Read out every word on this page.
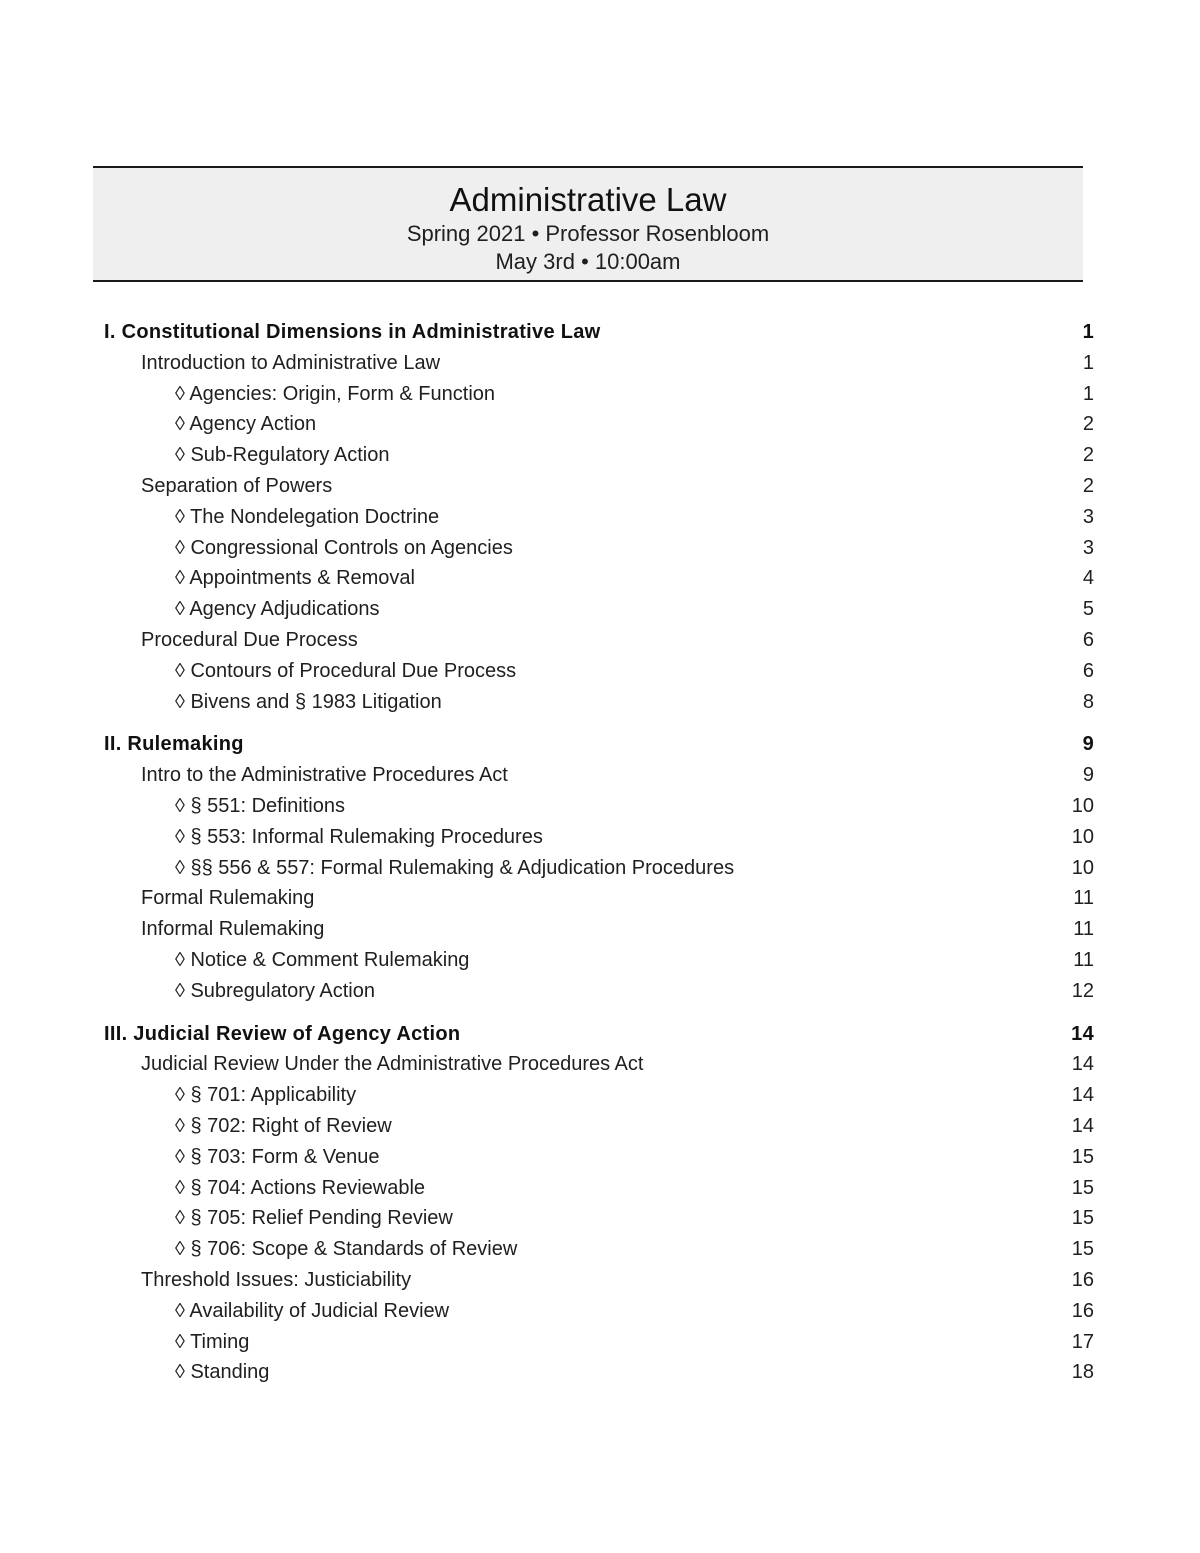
Administrative Law
Spring 2021 • Professor Rosenbloom
May 3rd • 10:00am
I. Constitutional Dimensions in Administrative Law	1
Introduction to Administrative Law	1
◊ Agencies: Origin, Form & Function	1
◊ Agency Action	2
◊ Sub-Regulatory Action	2
Separation of Powers	2
◊ The Nondelegation Doctrine	3
◊ Congressional Controls on Agencies	3
◊ Appointments & Removal	4
◊ Agency Adjudications	5
Procedural Due Process	6
◊ Contours of Procedural Due Process	6
◊ Bivens and § 1983 Litigation	8
II. Rulemaking	9
Intro to the Administrative Procedures Act	9
◊ § 551: Definitions	10
◊ § 553: Informal Rulemaking Procedures	10
◊ §§ 556 & 557: Formal Rulemaking & Adjudication Procedures	10
Formal Rulemaking	11
Informal Rulemaking	11
◊ Notice & Comment Rulemaking	11
◊ Subregulatory Action	12
III. Judicial Review of Agency Action	14
Judicial Review Under the Administrative Procedures Act	14
◊ § 701: Applicability	14
◊ § 702: Right of Review	14
◊ § 703: Form & Venue	15
◊ § 704: Actions Reviewable	15
◊ § 705: Relief Pending Review	15
◊ § 706: Scope & Standards of Review	15
Threshold Issues: Justiciability	16
◊ Availability of Judicial Review	16
◊ Timing	17
◊ Standing	18
